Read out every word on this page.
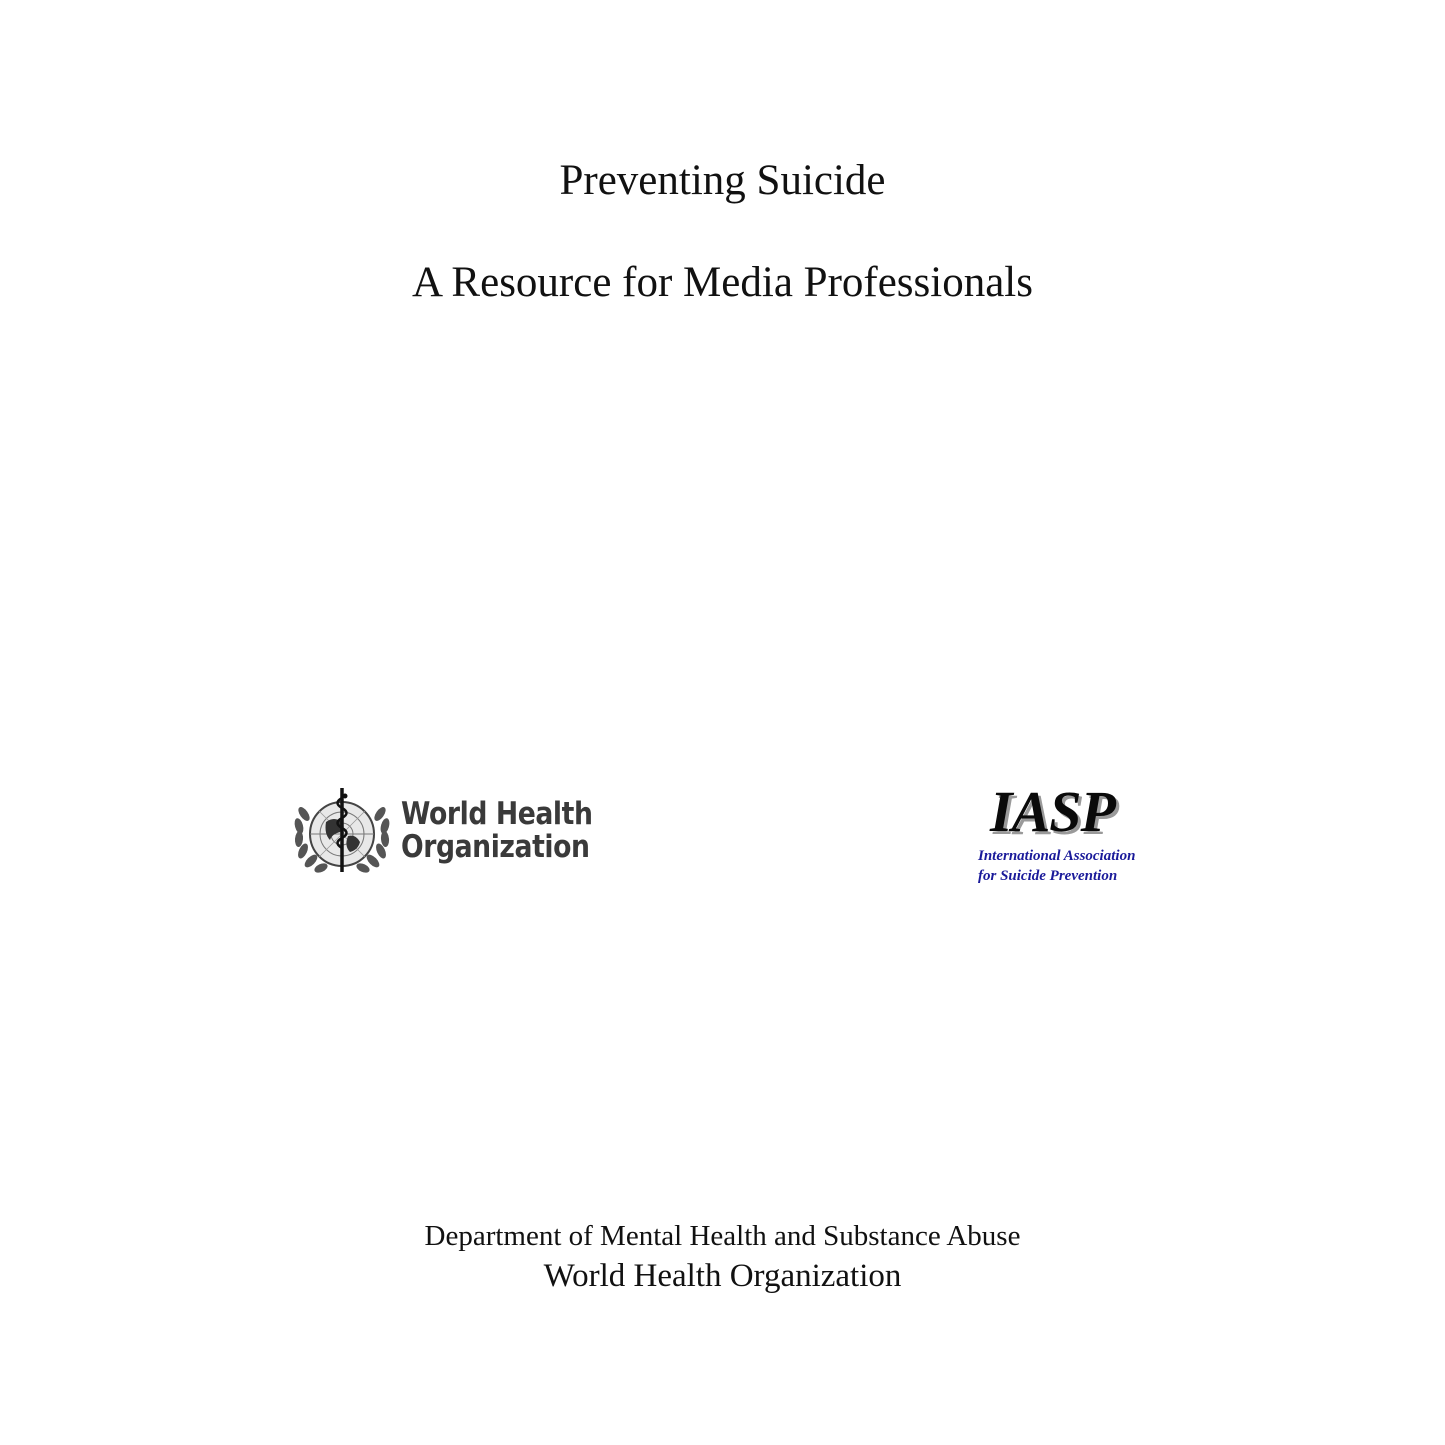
Preventing Suicide
A Resource for Media Professionals
World Health
Organization
IASP
International Association
for Suicide Prevention

Department of Mental Health and Substance Abuse

World Health Organization
